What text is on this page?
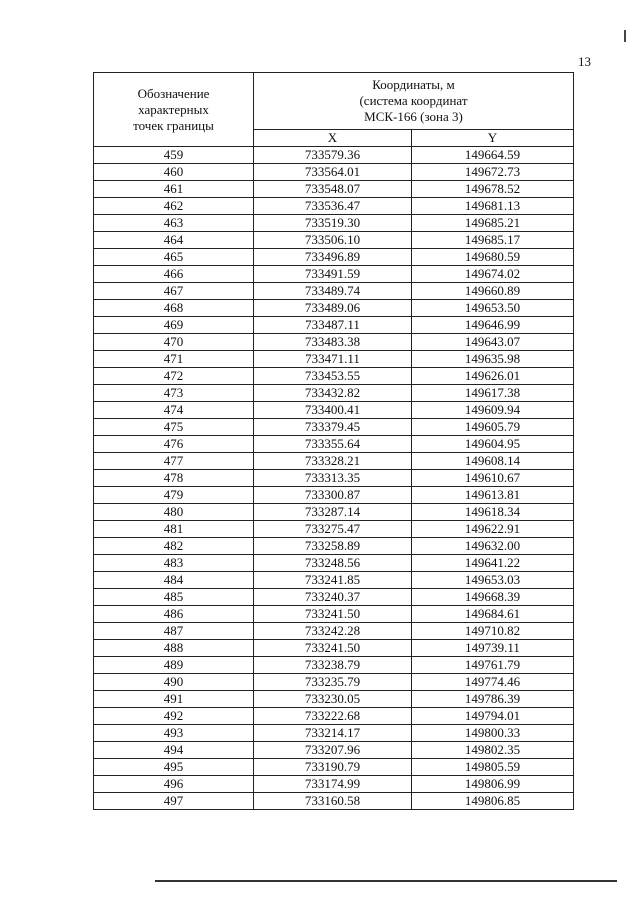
13
Обозначение
характерных
точек границы	Координаты, м
(система координат
МСК-166 (зона 3)	

	X	Y
459	733579.36	149664.59
460	733564.01	149672.73
461	733548.07	149678.52
462	733536.47	149681.13
463	733519.30	149685.21
464	733506.10	149685.17
465	733496.89	149680.59
466	733491.59	149674.02
467	733489.74	149660.89
468	733489.06	149653.50
469	733487.11	149646.99
470	733483.38	149643.07
471	733471.11	149635.98
472	733453.55	149626.01
473	733432.82	149617.38
474	733400.41	149609.94
475	733379.45	149605.79
476	733355.64	149604.95
477	733328.21	149608.14
478	733313.35	149610.67
479	733300.87	149613.81
480	733287.14	149618.34
481	733275.47	149622.91
482	733258.89	149632.00
483	733248.56	149641.22
484	733241.85	149653.03
485	733240.37	149668.39
486	733241.50	149684.61
487	733242.28	149710.82
488	733241.50	149739.11
489	733238.79	149761.79
490	733235.79	149774.46
491	733230.05	149786.39
492	733222.68	149794.01
493	733214.17	149800.33
494	733207.96	149802.35
495	733190.79	149805.59
496	733174.99	149806.99
497	733160.58	149806.85
